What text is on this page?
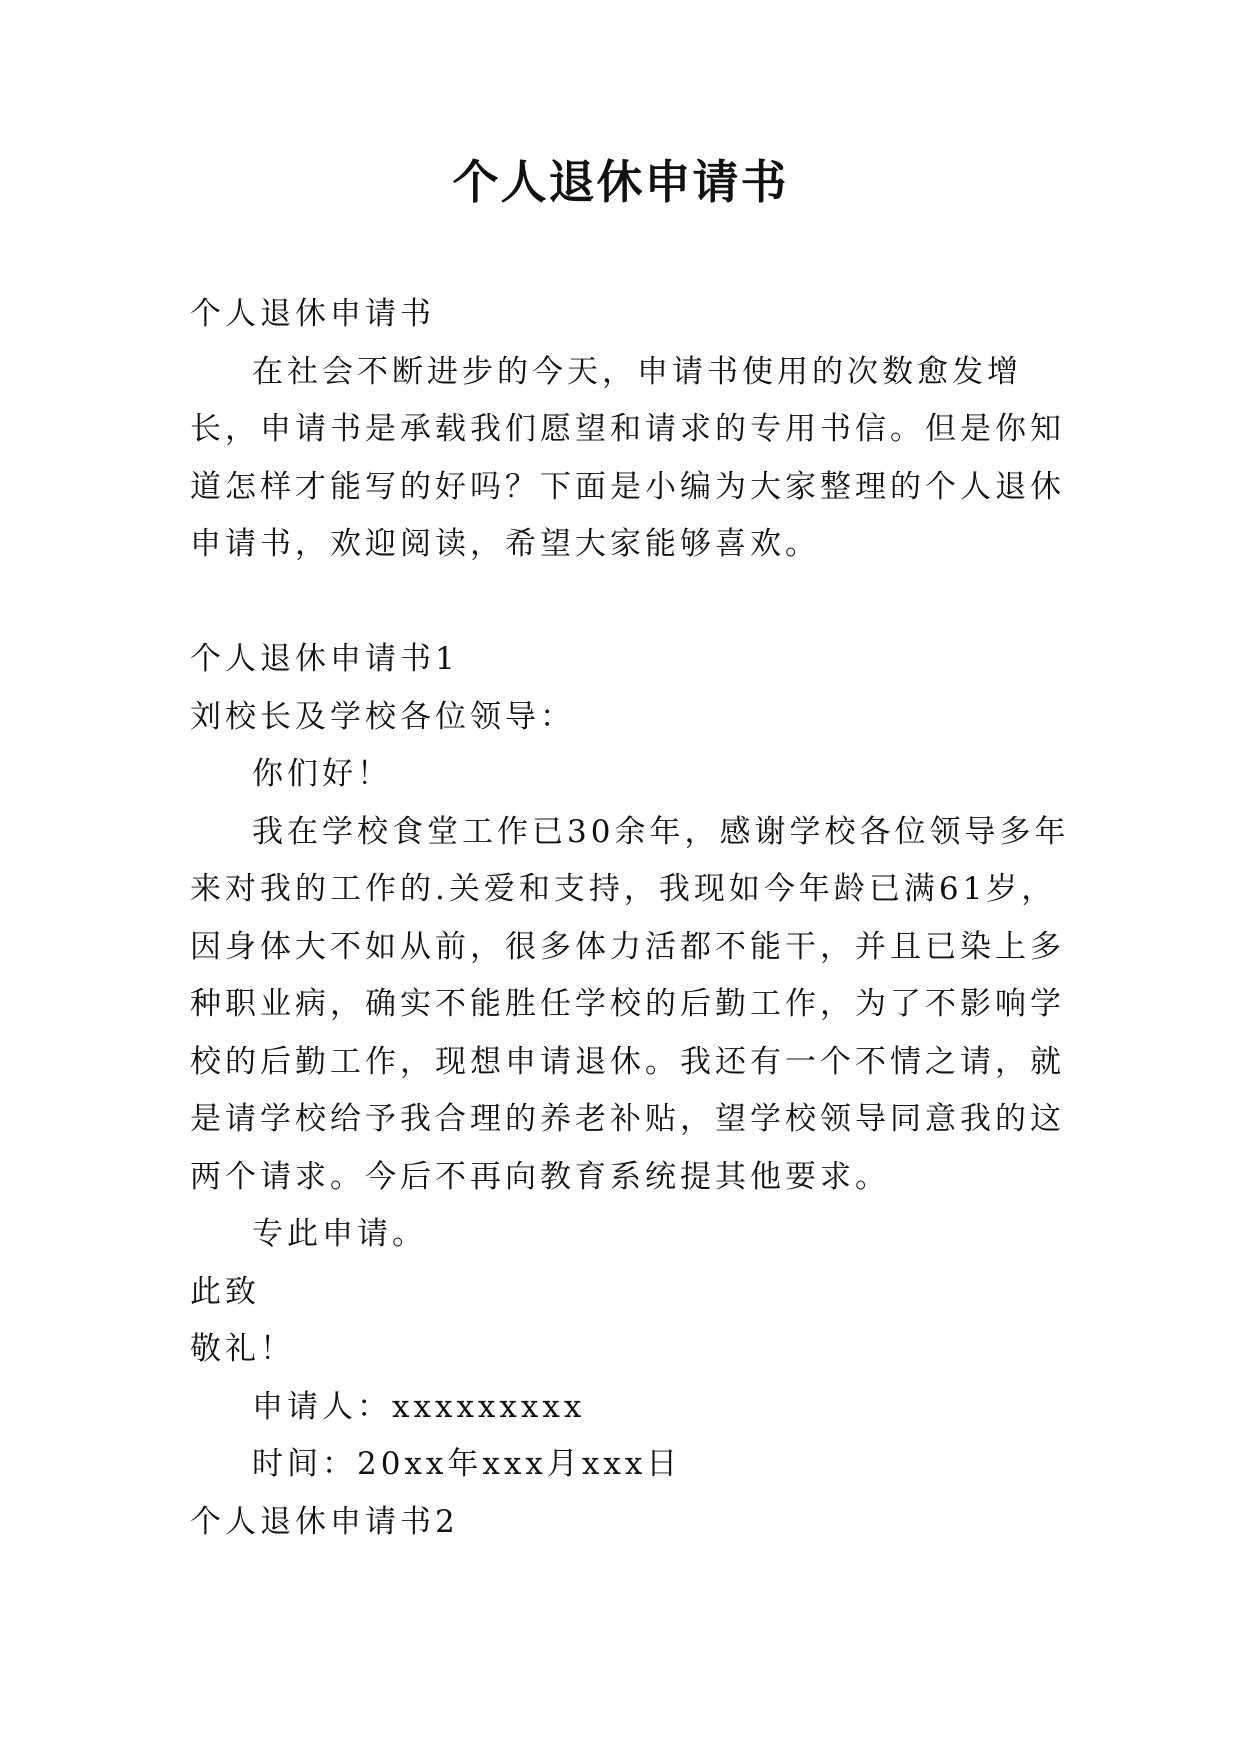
个人退休申请书

个人退休申请书

在社会不断进步的今天，申请书使用的次数愈发增长，申请书是承载我们愿望和请求的专用书信。但是你知道怎样才能写的好吗？下面是小编为大家整理的个人退休申请书，欢迎阅读，希望大家能够喜欢。

个人退休申请书1

刘校长及学校各位领导：

你们好！

我在学校食堂工作已30余年，感谢学校各位领导多年来对我的工作的.关爱和支持，我现如今年龄已满61岁，因身体大不如从前，很多体力活都不能干，并且已染上多种职业病，确实不能胜任学校的后勤工作，为了不影响学校的后勤工作，现想申请退休。我还有一个不情之请，就是请学校给予我合理的养老补贴，望学校领导同意我的这两个请求。今后不再向教育系统提其他要求。

专此申请。

此致

敬礼！

申请人：xxxxxxxxx

时间：20xx年xxx月xxx日

个人退休申请书2
